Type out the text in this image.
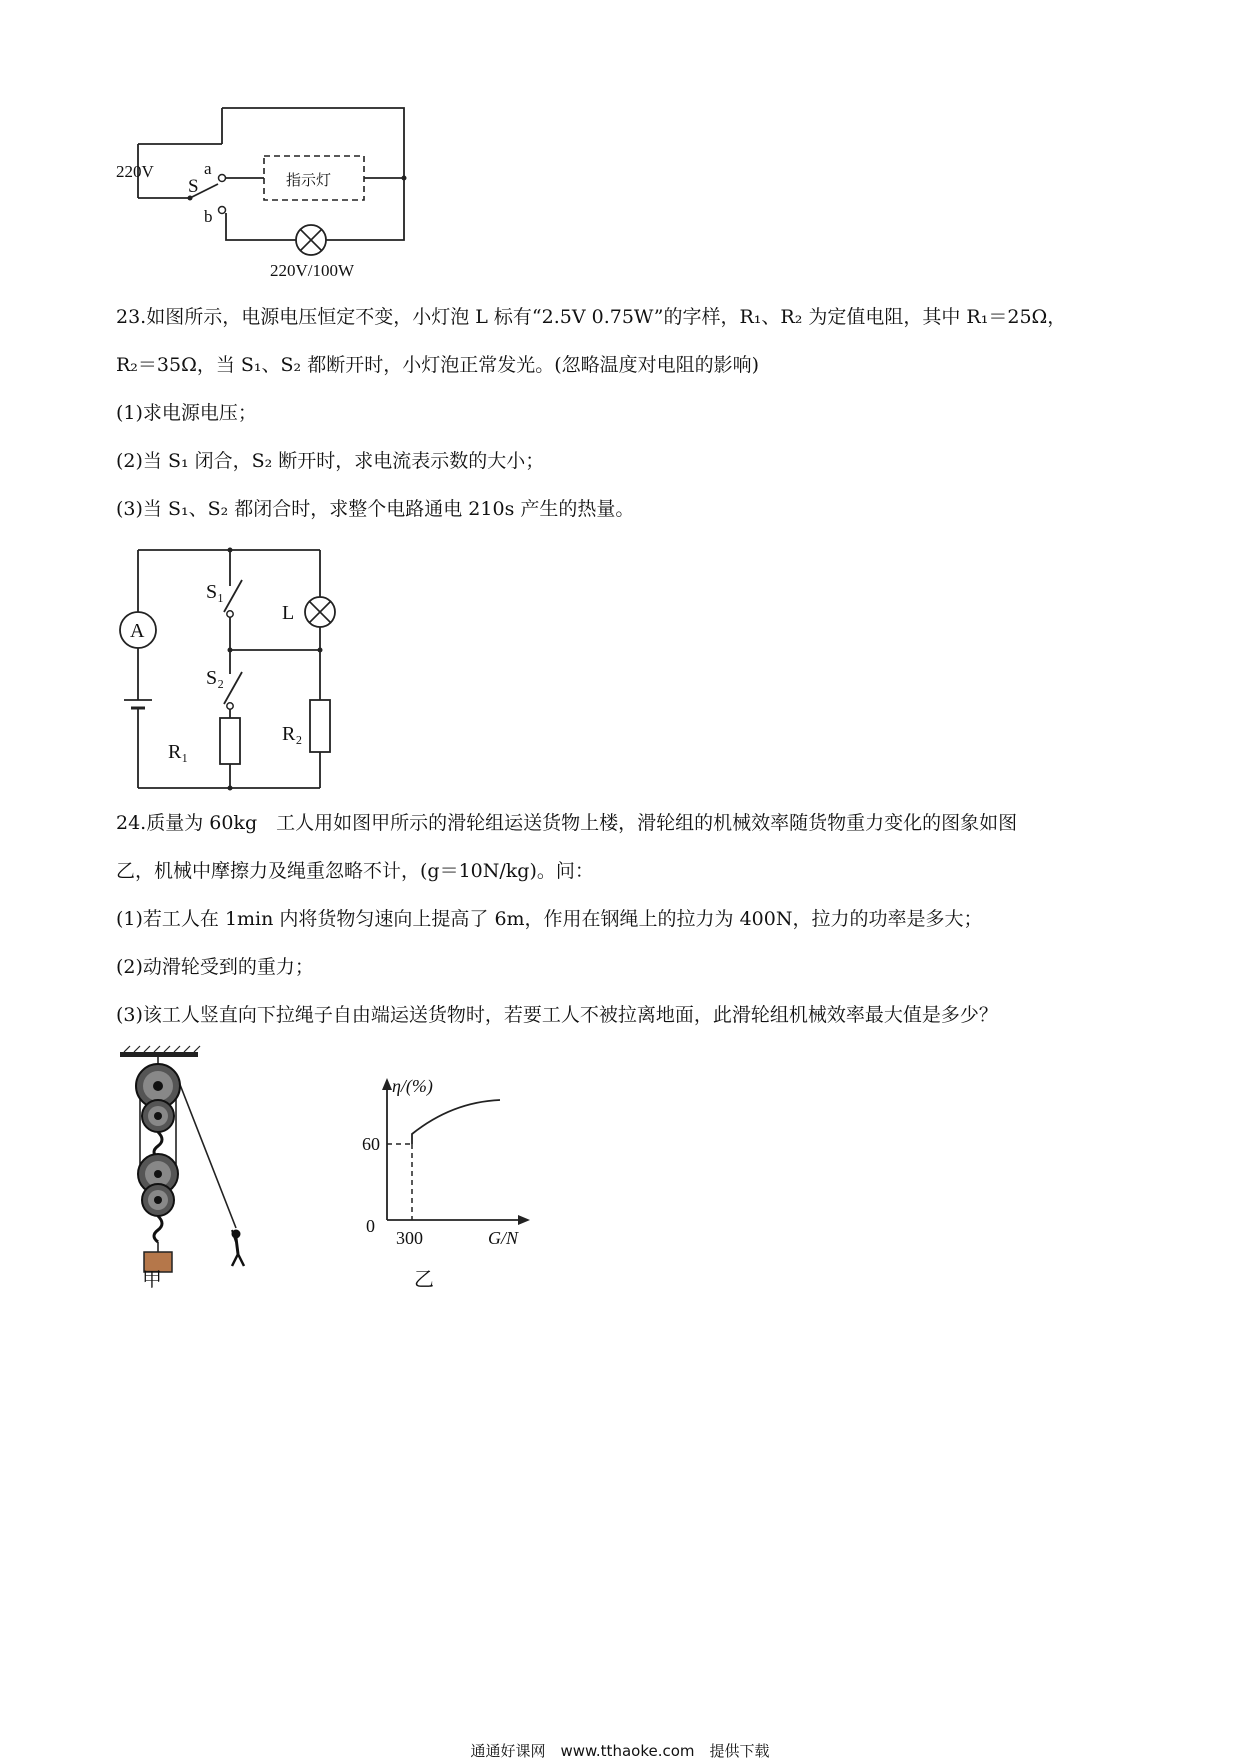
220V
S
a
b
指示灯
220V/100W
23.如图所示，电源电压恒定不变，小灯泡 L 标有“2.5V 0.75W”的字样，R₁、R₂ 为定值电阻，其中 R₁＝25Ω，
R₂＝35Ω，当 S₁、S₂ 都断开时，小灯泡正常发光。(忽略温度对电阻的影响)
(1)求电源电压；
(2)当 S₁ 闭合，S₂ 断开时，求电流表示数的大小；
(3)当 S₁、S₂ 都闭合时，求整个电路通电 210s 产生的热量。
A
S₁
S₂
L
R₁
R₂
24.质量为 60kg　工人用如图甲所示的滑轮组运送货物上楼，滑轮组的机械效率随货物重力变化的图象如图
乙，机械中摩擦力及绳重忽略不计，(g＝10N/kg)。问：
(1)若工人在 1min 内将货物匀速向上提高了 6m，作用在钢绳上的拉力为 400N，拉力的功率是多大；
(2)动滑轮受到的重力；
(3)该工人竖直向下拉绳子自由端运送货物时，若要工人不被拉离地面，此滑轮组机械效率最大值是多少？
甲
η/(%)
G/N
0
60
300
乙
通通好课网　www.tthaoke.com　提供下载
